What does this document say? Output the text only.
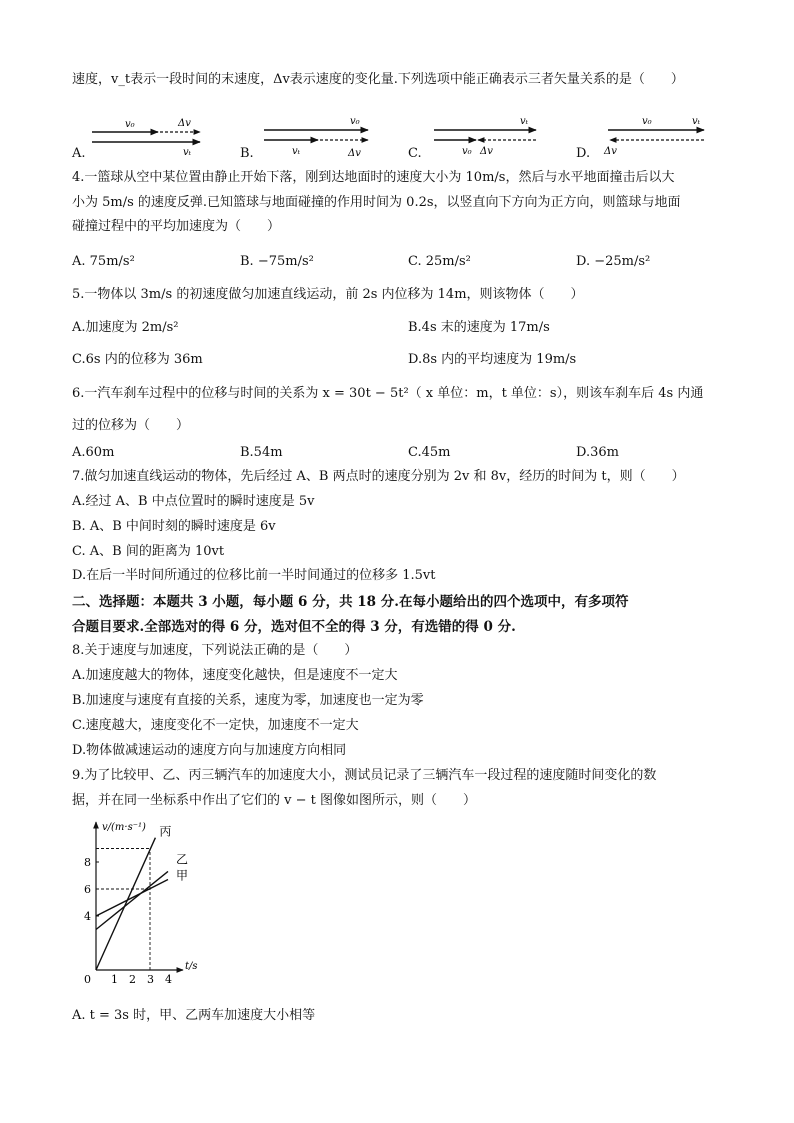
速度，v_t表示一段时间的末速度，Δv表示速度的变化量.下列选项中能正确表示三者矢量关系的是（　　）
v₀	Δv
vₜ
v₀
vₜ	Δv
vₜ
v₀ Δv
v₀	vₜ
Δv
A.	B.	C.	D.
4.一篮球从空中某位置由静止开始下落，刚到达地面时的速度大小为 10m/s，然后与水平地面撞击后以大
小为 5m/s 的速度反弹.已知篮球与地面碰撞的作用时间为 0.2s，以竖直向下方向为正方向，则篮球与地面
碰撞过程中的平均加速度为（　　）
A. 75m/s²	B. −75m/s²	C. 25m/s²	D. −25m/s²
5.一物体以 3m/s 的初速度做匀加速直线运动，前 2s 内位移为 14m，则该物体（　　）
A.加速度为 2m/s²	B.4s 末的速度为 17m/s
C.6s 内的位移为 36m	D.8s 内的平均速度为 19m/s
6.一汽车刹车过程中的位移与时间的关系为 x = 30t − 5t²（ x 单位：m，t 单位：s），则该车刹车后 4s 内通
过的位移为（　　）
A.60m	B.54m	C.45m	D.36m
7.做匀加速直线运动的物体，先后经过 A、B 两点时的速度分别为 2v 和 8v，经历的时间为 t，则（　　）
A.经过 A、B 中点位置时的瞬时速度是 5v
B. A、B 中间时刻的瞬时速度是 6v
C. A、B 间的距离为 10vt
D.在后一半时间所通过的位移比前一半时间通过的位移多 1.5vt
二、选择题：本题共 3 小题，每小题 6 分，共 18 分.在每小题给出的四个选项中，有多项符
合题目要求.全部选对的得 6 分，选对但不全的得 3 分，有选错的得 0 分.
8.关于速度与加速度，下列说法正确的是（　　）
A.加速度越大的物体，速度变化越快，但是速度不一定大
B.加速度与速度有直接的关系，速度为零，加速度也一定为零
C.速度越大，速度变化不一定快，加速度不一定大
D.物体做减速运动的速度方向与加速度方向相同
9.为了比较甲、乙、丙三辆汽车的加速度大小，测试员记录了三辆汽车一段过程的速度随时间变化的数
据，并在同一坐标系中作出了它们的 v − t 图像如图所示，则（　　）
0 1 2 3 4
4
6
8
v/(m·s⁻¹)
t/s
丙
乙
甲
A. t = 3s 时，甲、乙两车加速度大小相等
